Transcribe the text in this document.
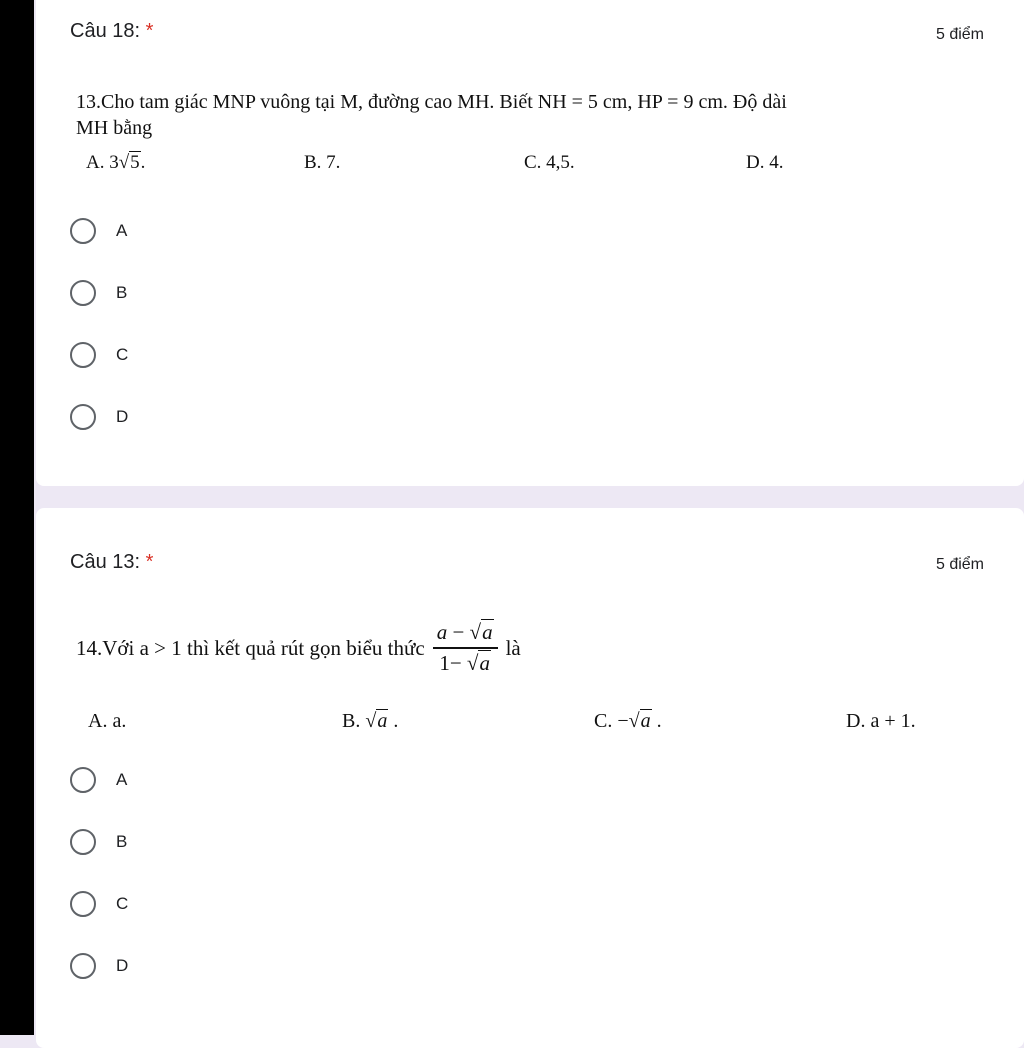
Câu 18: *	5 điểm
13.Cho tam giác MNP vuông tại M, đường cao MH. Biết NH = 5 cm, HP = 9 cm. Độ dài
MH bằng
A. 3√5.	B. 7.	C. 4,5.	D. 4.
A
B
C
D
Câu 13: *	5 điểm
14.Với a > 1 thì kết quả rút gọn biểu thức $\frac{a - √a}{1- √a}$ là
A. a.	B. √a .	C. −√a .	D. a + 1.
A
B
C
D
